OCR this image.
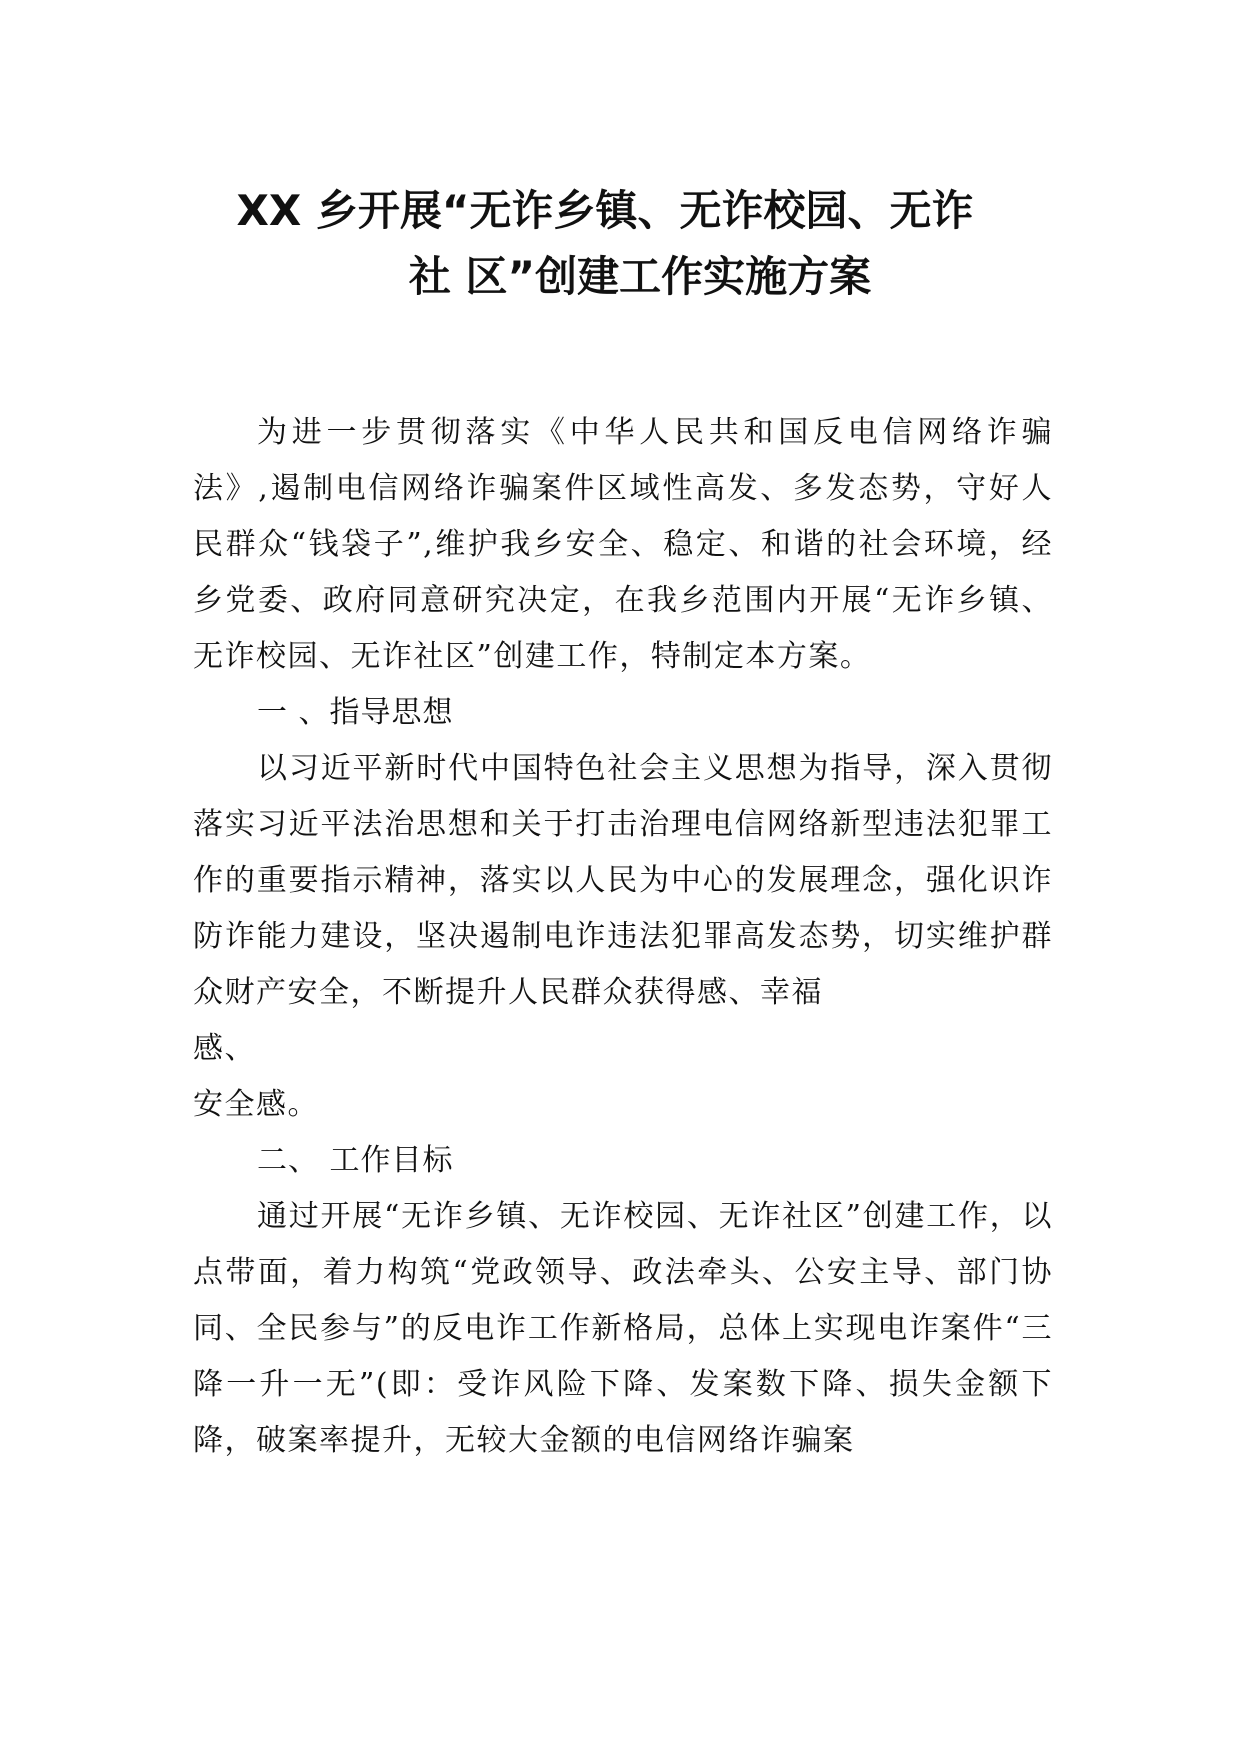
XX 乡开展“无诈乡镇、无诈校园、无诈
社 区”创建工作实施方案

为进一步贯彻落实《中华人民共和国反电信网络诈骗法》,遏制电信网络诈骗案件区域性高发、多发态势，守好人民群众“钱袋子”,维护我乡安全、稳定、和谐的社会环境，经乡党委、政府同意研究决定，在我乡范围内开展“无诈乡镇、无诈校园、无诈社区”创建工作，特制定本方案。

一 、指导思想

以习近平新时代中国特色社会主义思想为指导，深入贯彻落实习近平法治思想和关于打击治理电信网络新型违法犯罪工作的重要指示精神，落实以人民为中心的发展理念，强化识诈防诈能力建设，坚决遏制电诈违法犯罪高发态势，切实维护群众财产安全，不断提升人民群众获得感、幸福

感、

安全感。

二、 工作目标

通过开展“无诈乡镇、无诈校园、无诈社区”创建工作，以点带面，着力构筑“党政领导、政法牵头、公安主导、部门协同、全民参与”的反电诈工作新格局，总体上实现电诈案件“三降一升一无”(即：受诈风险下降、发案数下降、损失金额下降，破案率提升，无较大金额的电信网络诈骗案
